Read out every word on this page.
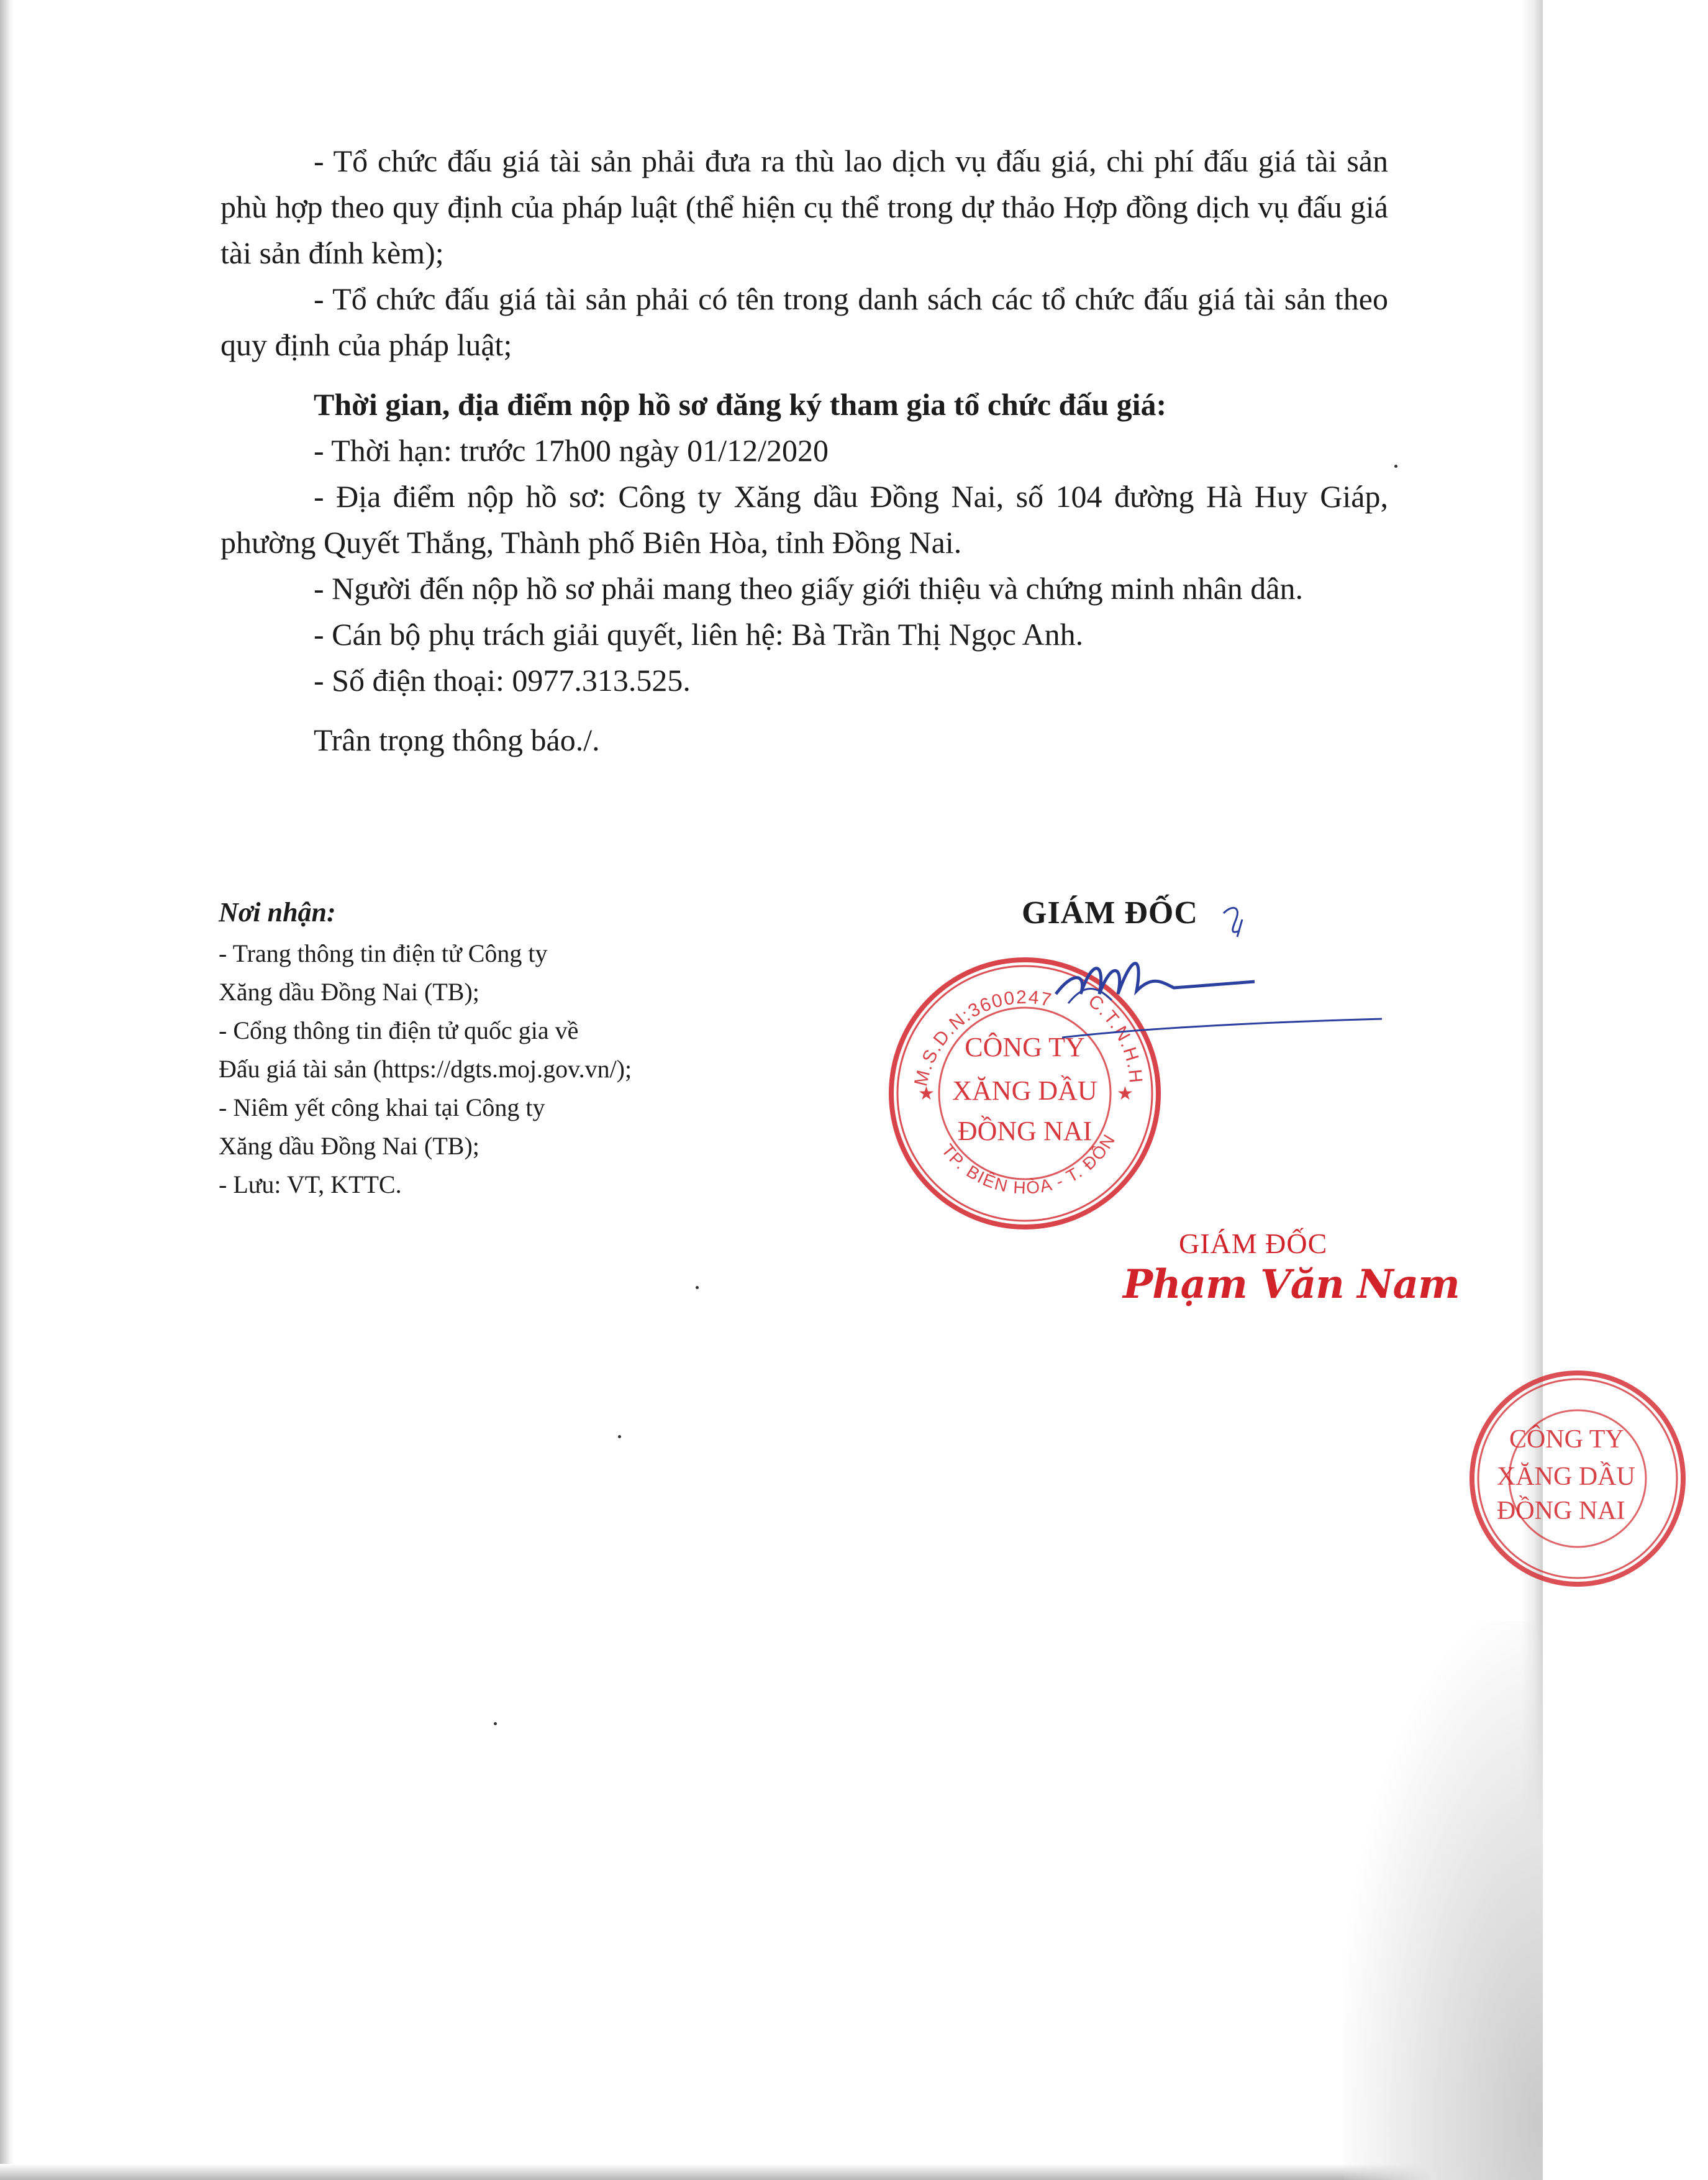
- Tổ chức đấu giá tài sản phải đưa ra thù lao dịch vụ đấu giá, chi phí đấu giá tài sản phù hợp theo quy định của pháp luật (thể hiện cụ thể trong dự thảo Hợp đồng dịch vụ đấu giá tài sản đính kèm);

- Tổ chức đấu giá tài sản phải có tên trong danh sách các tổ chức đấu giá tài sản theo quy định của pháp luật;

Thời gian, địa điểm nộp hồ sơ đăng ký tham gia tổ chức đấu giá:

- Thời hạn: trước 17h00 ngày 01/12/2020

- Địa điểm nộp hồ sơ: Công ty Xăng dầu Đồng Nai, số 104 đường Hà Huy Giáp, phường Quyết Thắng, Thành phố Biên Hòa, tỉnh Đồng Nai.

- Người đến nộp hồ sơ phải mang theo giấy giới thiệu và chứng minh nhân dân.

- Cán bộ phụ trách giải quyết, liên hệ: Bà Trần Thị Ngọc Anh.

- Số điện thoại: 0977.313.525.

Trân trọng thông báo./.

Nơi nhận:
- Trang thông tin điện tử Công ty
Xăng dầu Đồng Nai (TB);
- Cổng thông tin điện tử quốc gia về
Đấu giá tài sản (https://dgts.moj.gov.vn/);
- Niêm yết công khai tại Công ty
Xăng dầu Đồng Nai (TB);
- Lưu: VT, KTTC.
GIÁM ĐỐC
M.S.D.N:3600247 C.T.N.H.H
TP. BIÊN HÒA - T. ĐỒN
★	★
CÔNG TY
XĂNG DẦU
ĐỒNG NAI
GIÁM ĐỐC
Phạm Văn Nam
CÔNG TY
XĂNG DẦU
ĐỒNG NAI
